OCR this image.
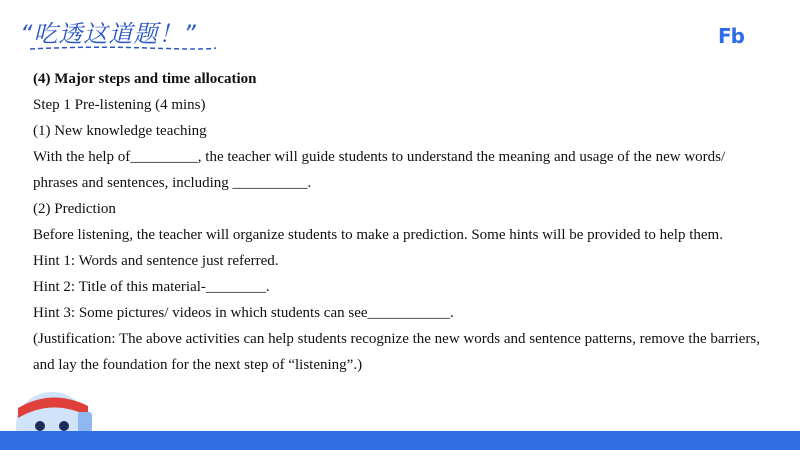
“吃透这道题！”	Fb

(4) Major steps and time allocation

Step 1 Pre-listening (4 mins)

(1) New knowledge teaching

With the help of_________, the teacher will guide students to understand the meaning and usage of the new words/ phrases and sentences, including __________.

(2) Prediction

Before listening, the teacher will organize students to make a prediction. Some hints will be provided to help them.

Hint 1: Words and sentence just referred.

Hint 2: Title of this material-________.

Hint 3: Some pictures/ videos in which students can see___________.

(Justification: The above activities can help students recognize the new words and sentence patterns, remove the barriers, and lay the foundation for the next step of “listening”.)
